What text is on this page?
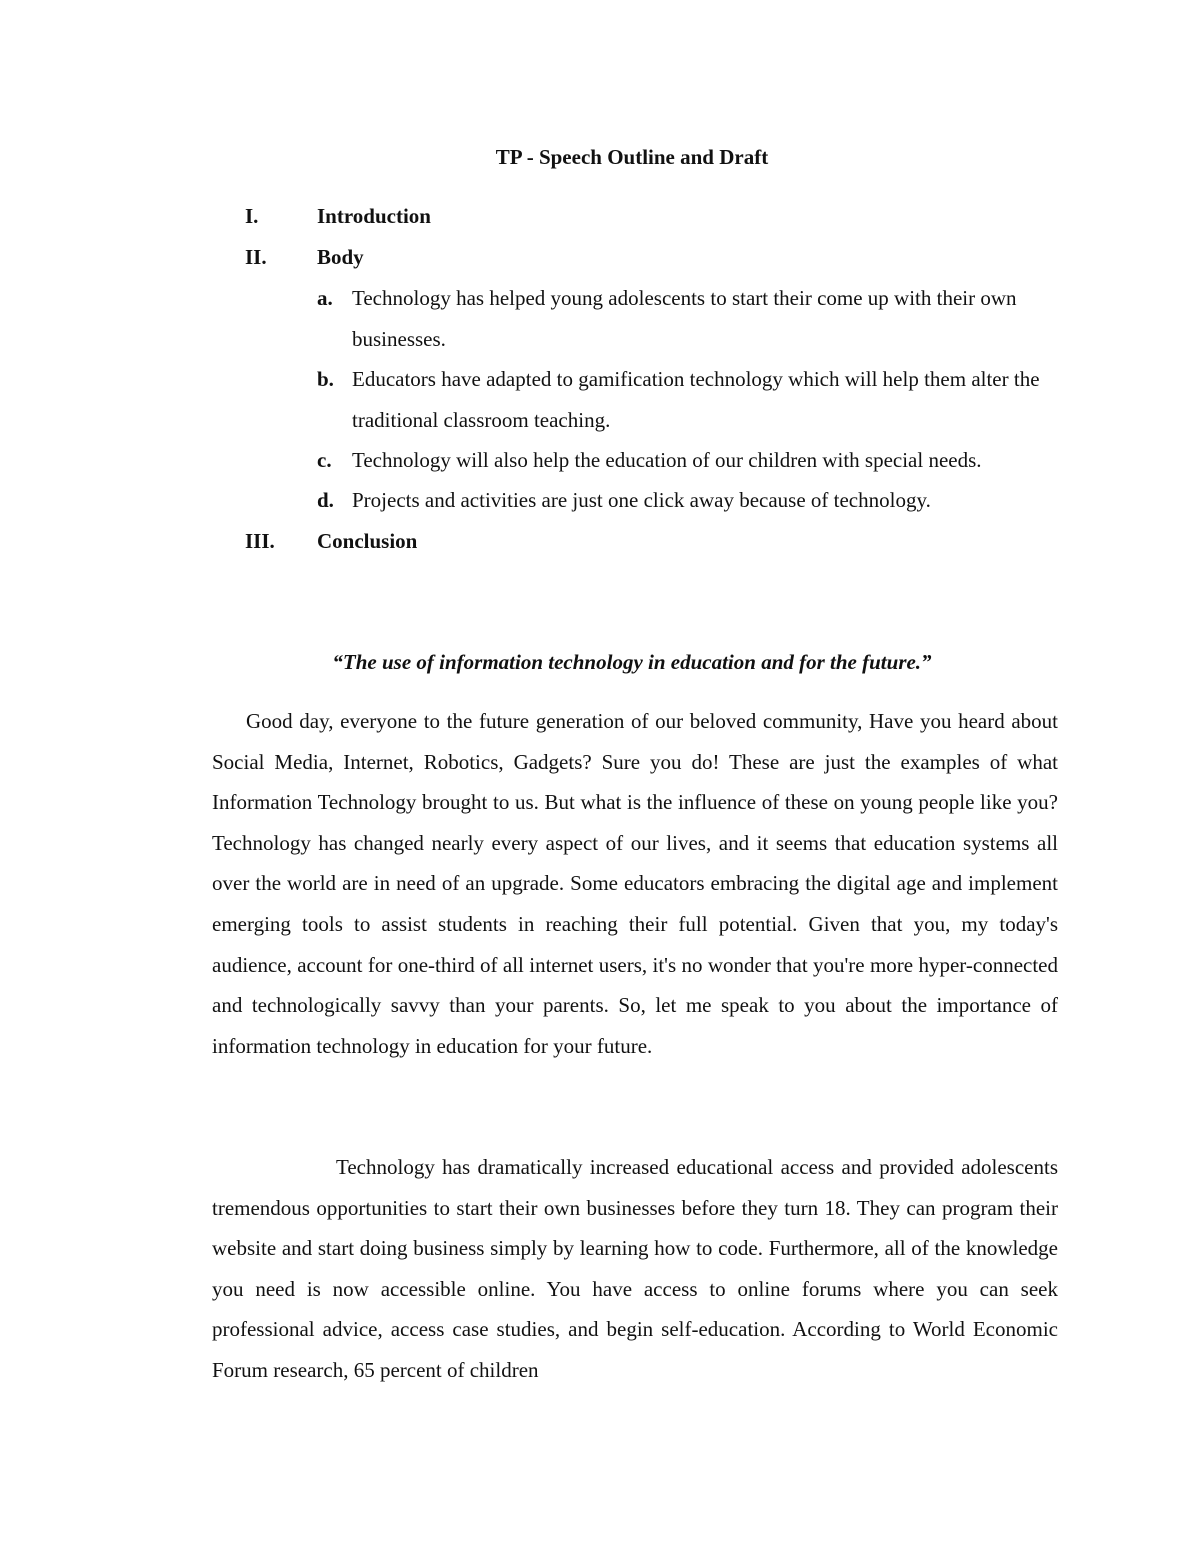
TP - Speech Outline and Draft
I.	Introduction
II. Body
a. Technology has helped young adolescents to start their come up with their own businesses.
b. Educators have adapted to gamification technology which will help them alter the traditional classroom teaching.
c. Technology will also help the education of our children with special needs.
d. Projects and activities are just one click away because of technology.
III. Conclusion
“The use of information technology in education and for the future.”

Good day, everyone to the future generation of our beloved community, Have you heard about Social Media, Internet, Robotics, Gadgets? Sure you do! These are just the examples of what Information Technology brought to us. But what is the influence of these on young people like you? Technology has changed nearly every aspect of our lives, and it seems that education systems all over the world are in need of an upgrade. Some educators embracing the digital age and implement emerging tools to assist students in reaching their full potential. Given that you, my today's audience, account for one-third of all internet users, it's no wonder that you're more hyper-connected and technologically savvy than your parents. So, let me speak to you about the importance of information technology in education for your future.

Technology has dramatically increased educational access and provided adolescents tremendous opportunities to start their own businesses before they turn 18. They can program their website and start doing business simply by learning how to code. Furthermore, all of the knowledge you need is now accessible online. You have access to online forums where you can seek professional advice, access case studies, and begin self-education. According to World Economic Forum research, 65 percent of children
